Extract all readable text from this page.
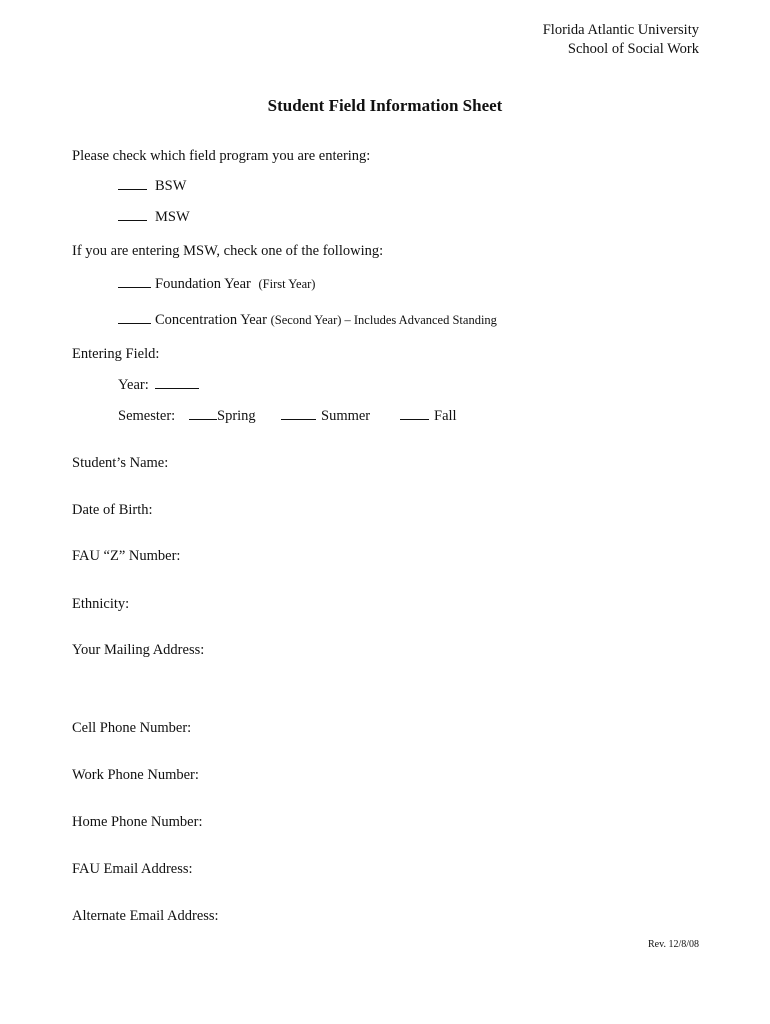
Florida Atlantic University
School of Social Work
Student Field Information Sheet
Please check which field program you are entering:
BSW
MSW
If you are entering MSW, check one of the following:
Foundation Year (First Year)
Concentration Year (Second Year) – Includes Advanced Standing
Entering Field:
Year:
Semester:	Spring	Summer	Fall
Student’s Name:
Date of Birth:
FAU “Z” Number:
Ethnicity:
Your Mailing Address:
Cell Phone Number:
Work Phone Number:
Home Phone Number:
FAU Email Address:
Alternate Email Address:
Rev. 12/8/08
